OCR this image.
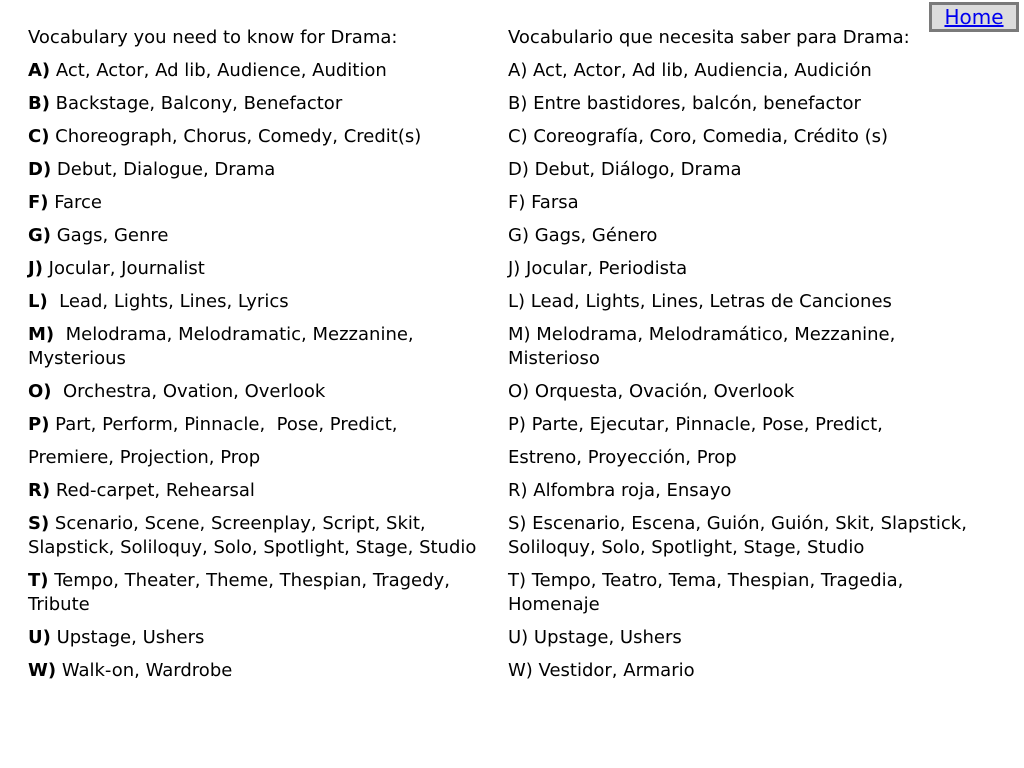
Home

Vocabulary you need to know for Drama:

A) Act, Actor, Ad lib, Audience, Audition

B) Backstage, Balcony, Benefactor

C) Choreograph, Chorus, Comedy, Credit(s)

D) Debut, Dialogue, Drama

F) Farce

G) Gags, Genre

J) Jocular, Journalist

L)  Lead, Lights, Lines, Lyrics

M)  Melodrama, Melodramatic, Mezzanine, Mysterious

O)  Orchestra, Ovation, Overlook

P) Part, Perform, Pinnacle,  Pose, Predict,

Premiere, Projection, Prop

R) Red-carpet, Rehearsal

S) Scenario, Scene, Screenplay, Script, Skit, Slapstick, Soliloquy, Solo, Spotlight, Stage, Studio

T) Tempo, Theater, Theme, Thespian, Tragedy, Tribute

U) Upstage, Ushers

W) Walk-on, Wardrobe

Vocabulario que necesita saber para Drama:

A) Act, Actor, Ad lib, Audiencia, Audición

B) Entre bastidores, balcón, benefactor

C) Coreografía, Coro, Comedia, Crédito (s)

D) Debut, Diálogo, Drama

F) Farsa

G) Gags, Género

J) Jocular, Periodista

L) Lead, Lights, Lines, Letras de Canciones

M) Melodrama, Melodramático, Mezzanine, Misterioso

O) Orquesta, Ovación, Overlook

P) Parte, Ejecutar, Pinnacle, Pose, Predict,

Estreno, Proyección, Prop

R) Alfombra roja, Ensayo

S) Escenario, Escena, Guión, Guión, Skit, Slapstick, Soliloquy, Solo, Spotlight, Stage, Studio

T) Tempo, Teatro, Tema, Thespian, Tragedia, Homenaje

U) Upstage, Ushers

W) Vestidor, Armario
